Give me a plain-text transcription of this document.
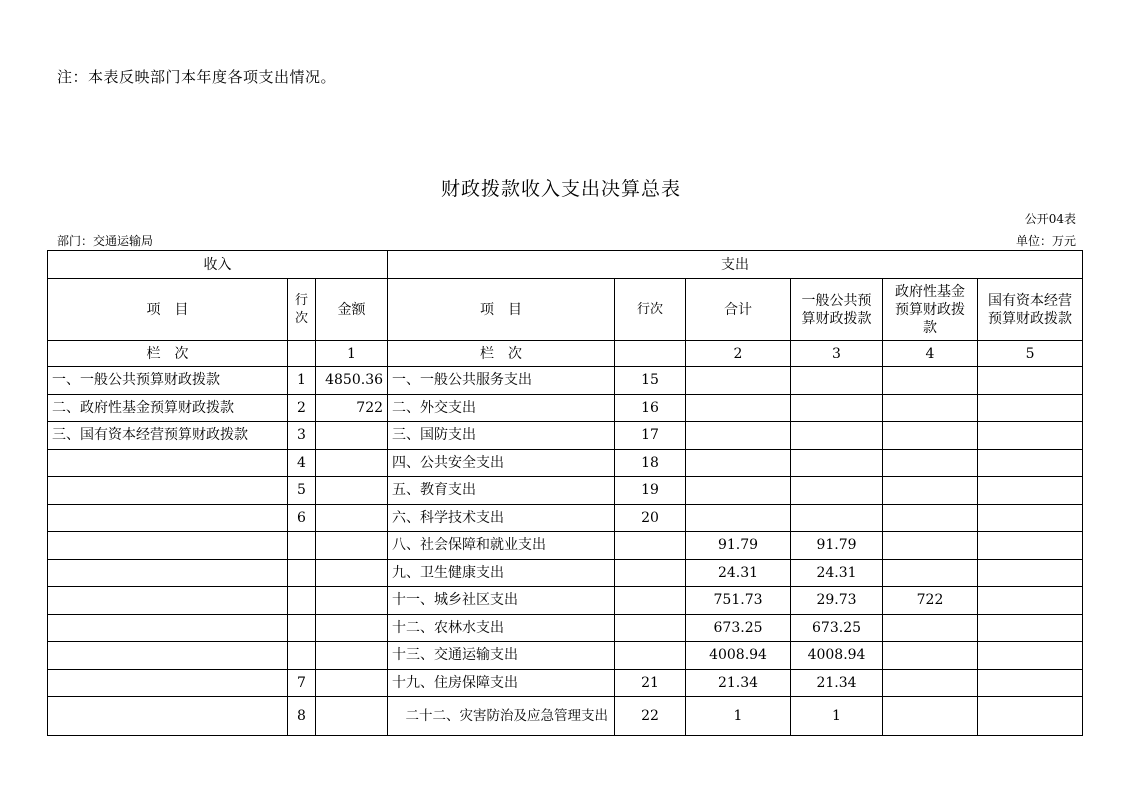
注：本表反映部门本年度各项支出情况。
财政拨款收入支出决算总表
公开04表
部门：交通运输局	单位：万元
收入			支出					
项　目	行次	金额	项　目	行次	合计	一般公共预算财政拨款	政府性基金预算财政拨款	国有资本经营预算财政拨款
栏　次		1	栏　次		2	3	4	5
一、一般公共预算财政拨款	1	4850.36	一、一般公共服务支出	15				
二、政府性基金预算财政拨款	2	722	二、外交支出	16				
三、国有资本经营预算财政拨款	3		三、国防支出	17				
	4		四、公共安全支出	18				
	5		五、教育支出	19				
	6		六、科学技术支出	20				
			八、社会保障和就业支出		91.79	91.79		
			九、卫生健康支出		24.31	24.31		
			十一、城乡社区支出		751.73	29.73	722	
			十二、农林水支出		673.25	673.25		
			十三、交通运输支出		4008.94	4008.94		
	7		十九、住房保障支出	21	21.34	21.34		
	8		二十二、灾害防治及应急管理支出	22	1	1		
